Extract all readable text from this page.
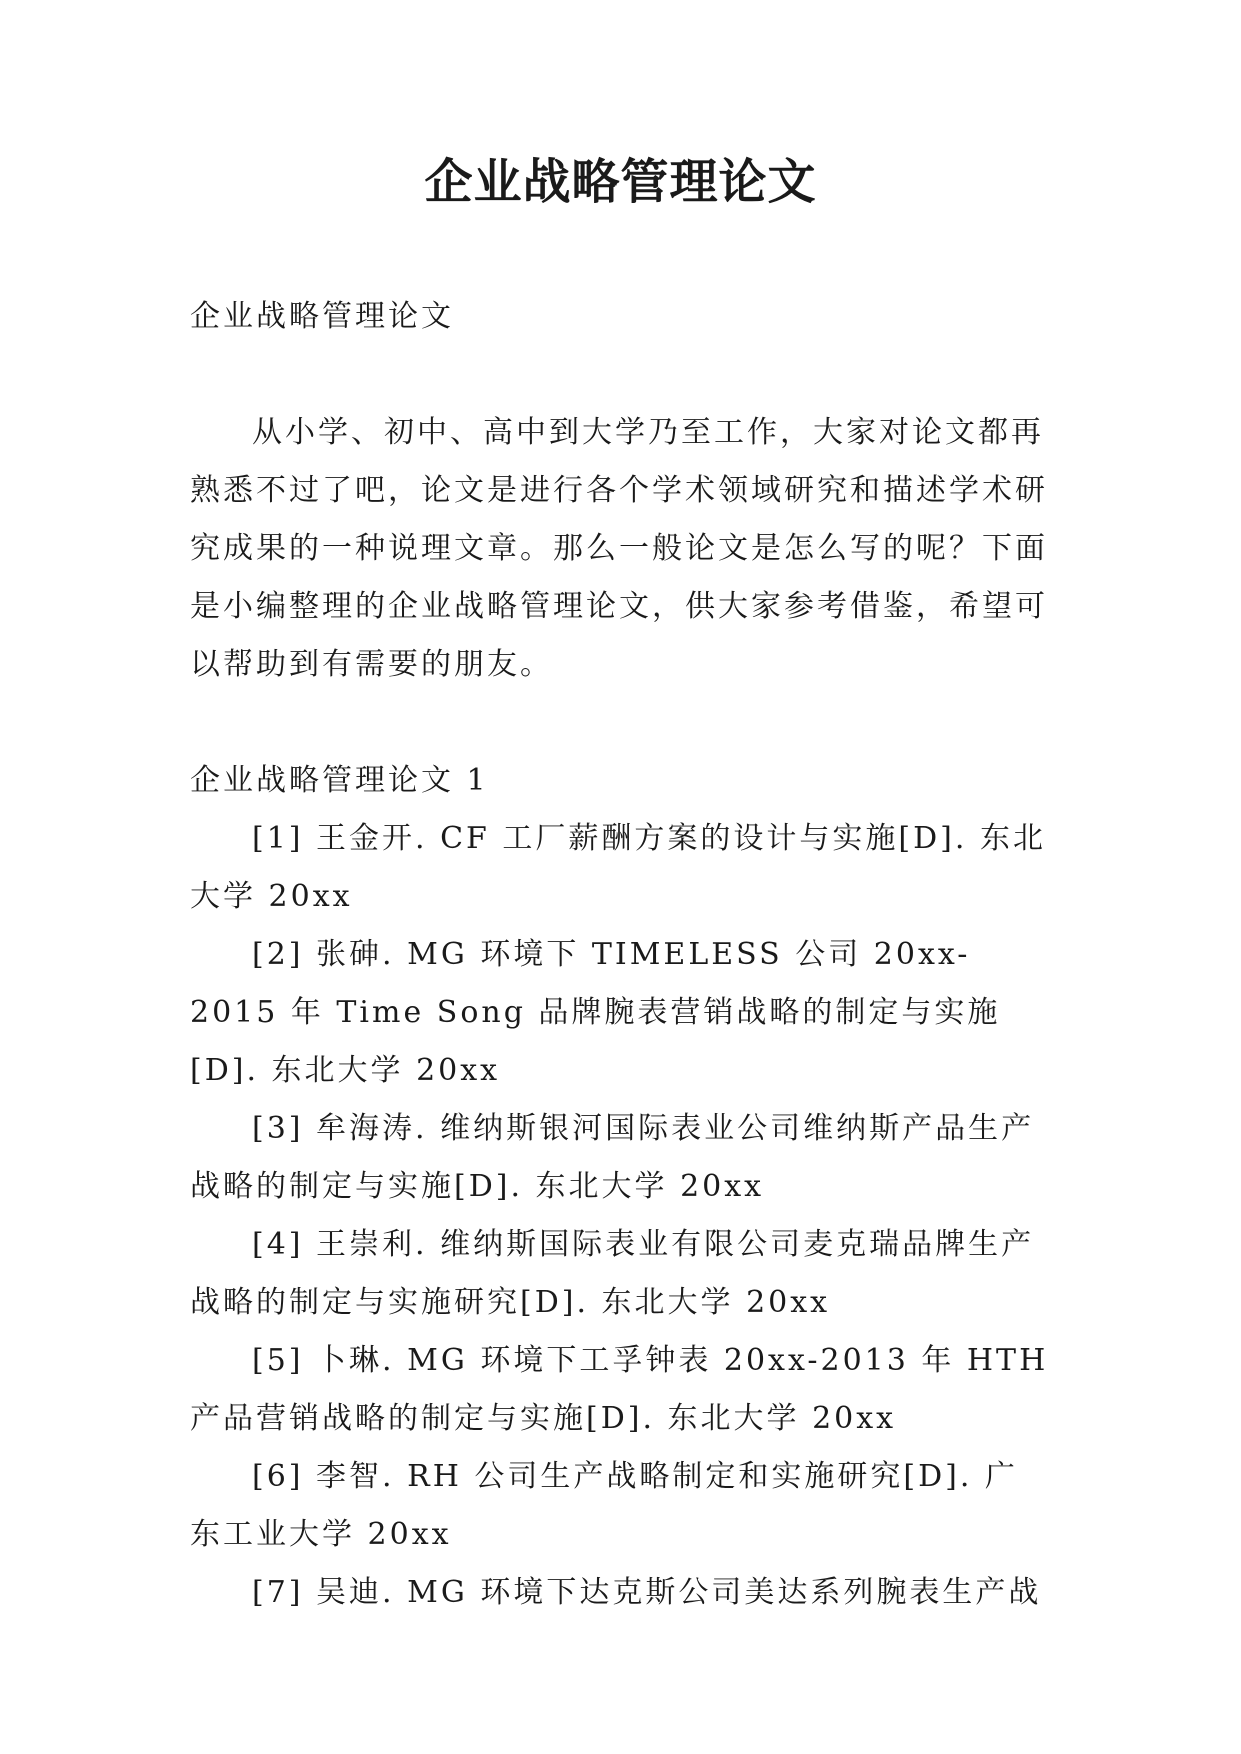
企业战略管理论文

企业战略管理论文

从小学、初中、高中到大学乃至工作，大家对论文都再熟悉不过了吧，论文是进行各个学术领域研究和描述学术研究成果的一种说理文章。那么一般论文是怎么写的呢？下面是小编整理的企业战略管理论文，供大家参考借鉴，希望可以帮助到有需要的朋友。

企业战略管理论文 1

[1] 王金开. CF 工厂薪酬方案的设计与实施[D]. 东北大学 20xx

[2] 张砷. MG 环境下 TIMELESS 公司 20xx-2015 年 Time Song 品牌腕表营销战略的制定与实施[D]. 东北大学 20xx

[3] 牟海涛. 维纳斯银河国际表业公司维纳斯产品生产战略的制定与实施[D]. 东北大学 20xx

[4] 王崇利. 维纳斯国际表业有限公司麦克瑞品牌生产战略的制定与实施研究[D]. 东北大学 20xx

[5] 卜琳. MG 环境下工孚钟表 20xx-2013 年 HTH 产品营销战略的制定与实施[D]. 东北大学 20xx

[6] 李智. RH 公司生产战略制定和实施研究[D]. 广东工业大学 20xx

[7] 吴迪. MG 环境下达克斯公司美达系列腕表生产战
